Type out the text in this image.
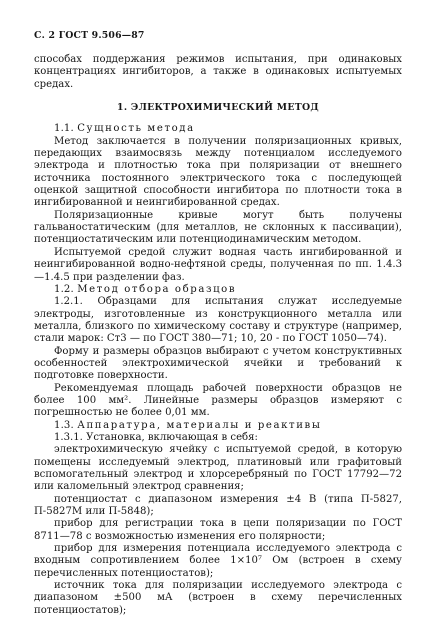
С. 2 ГОСТ 9.506—87

способах поддержания режимов испытания, при одинаковых концентрациях ингибиторов, а также в одинаковых испытуемых средах.

1. ЭЛЕКТРОХИМИЧЕСКИЙ МЕТОД

1.1. Сущность метода

Метод заключается в получении поляризационных кривых, передающих взаимосвязь между потенциалом исследуемого электрода и плотностью тока при поляризации от внешнего источника постоянного электрического тока с последующей оценкой защитной способности ингибитора по плотности тока в ингибированной и неингибированной средах.

Поляризационные кривые могут быть получены гальваностатическим (для металлов, не склонных к пассивации), потенциостатическим или потенциодинамическим методом.

Испытуемой средой служит водная часть ингибированной и неингибированной водно-нефтяной среды, полученная по пп. 1.4.3—1.4.5 при разделении фаз.

1.2. Метод отбора образцов

1.2.1. Образцами для испытания служат исследуемые электроды, изготовленные из конструкционного металла или металла, близкого по химическому составу и структуре (например, стали марок: Ст3 — по ГОСТ 380—71; 10, 20 - по ГОСТ 1050—74).

Форму и размеры образцов выбирают с учетом конструктивных особенностей электрохимической ячейки и требований к подготовке поверхности.

Рекомендуемая площадь рабочей поверхности образцов не более 100 мм². Линейные размеры образцов измеряют с погрешностью не более 0,01 мм.

1.3. Аппаратура, материалы и реактивы

1.3.1. Установка, включающая в себя:

электрохимическую ячейку с испытуемой средой, в которую помещены исследуемый электрод, платиновый или графитовый вспомогательный электрод и хлорсеребряный по ГОСТ 17792—72 или каломельный электрод сравнения;

потенциостат с диапазоном измерения ±4 В (типа П-5827, П-5827М или П-5848);

прибор для регистрации тока в цепи поляризации по ГОСТ 8711—78 с возможностью изменения его полярности;

прибор для измерения потенциала исследуемого электрода с входным сопротивлением более 1×10⁷ Ом (встроен в схему перечисленных потенциостатов);

источник тока для поляризации исследуемого электрода с диапазоном ±500 мА (встроен в схему перечисленных потенциостатов);
